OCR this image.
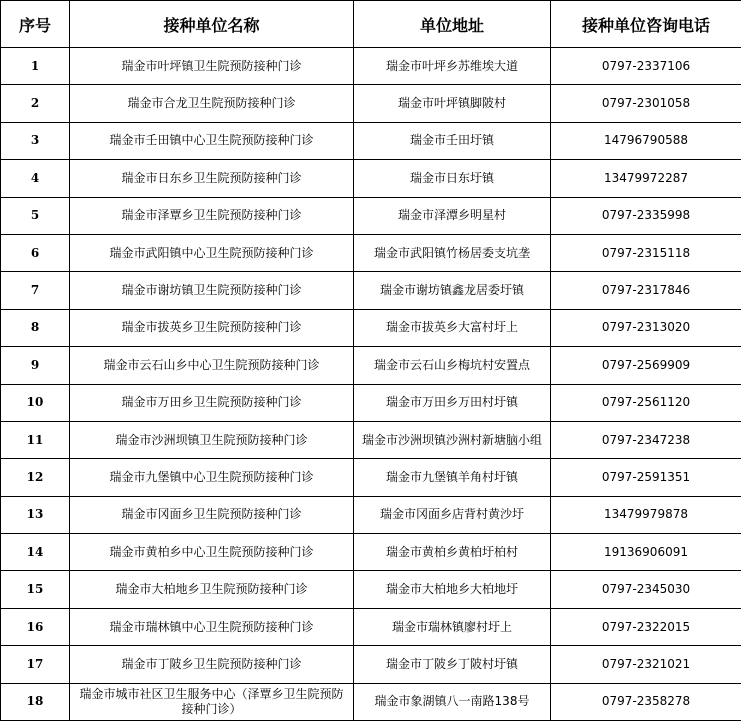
序号	接种单位名称	单位地址	接种单位咨询电话
1	瑞金市叶坪镇卫生院预防接种门诊	瑞金市叶坪乡苏维埃大道	0797-2337106
2	瑞金市合龙卫生院预防接种门诊	瑞金市叶坪镇脚陂村	0797-2301058
3	瑞金市壬田镇中心卫生院预防接种门诊	瑞金市壬田圩镇	14796790588
4	瑞金市日东乡卫生院预防接种门诊	瑞金市日东圩镇	13479972287
5	瑞金市泽覃乡卫生院预防接种门诊	瑞金市泽潭乡明星村	0797-2335998
6	瑞金市武阳镇中心卫生院预防接种门诊	瑞金市武阳镇竹杨居委支坑垄	0797-2315118
7	瑞金市谢坊镇卫生院预防接种门诊	瑞金市谢坊镇鑫龙居委圩镇	0797-2317846
8	瑞金市拔英乡卫生院预防接种门诊	瑞金市拔英乡大富村圩上	0797-2313020
9	瑞金市云石山乡中心卫生院预防接种门诊	瑞金市云石山乡梅坑村安置点	0797-2569909
10	瑞金市万田乡卫生院预防接种门诊	瑞金市万田乡万田村圩镇	0797-2561120
11	瑞金市沙洲坝镇卫生院预防接种门诊	瑞金市沙洲坝镇沙洲村新塘脑小组	0797-2347238
12	瑞金市九堡镇中心卫生院预防接种门诊	瑞金市九堡镇羊角村圩镇	0797-2591351
13	瑞金市冈面乡卫生院预防接种门诊	瑞金市冈面乡店背村黄沙圩	13479979878
14	瑞金市黄柏乡中心卫生院预防接种门诊	瑞金市黄柏乡黄柏圩柏村	19136906091
15	瑞金市大柏地乡卫生院预防接种门诊	瑞金市大柏地乡大柏地圩	0797-2345030
16	瑞金市瑞林镇中心卫生院预防接种门诊	瑞金市瑞林镇廖村圩上	0797-2322015
17	瑞金市丁陂乡卫生院预防接种门诊	瑞金市丁陂乡丁陂村圩镇	0797-2321021
18	瑞金市城市社区卫生服务中心（泽覃乡卫生院预防接种门诊）	瑞金市象湖镇八一南路138号	0797-2358278
